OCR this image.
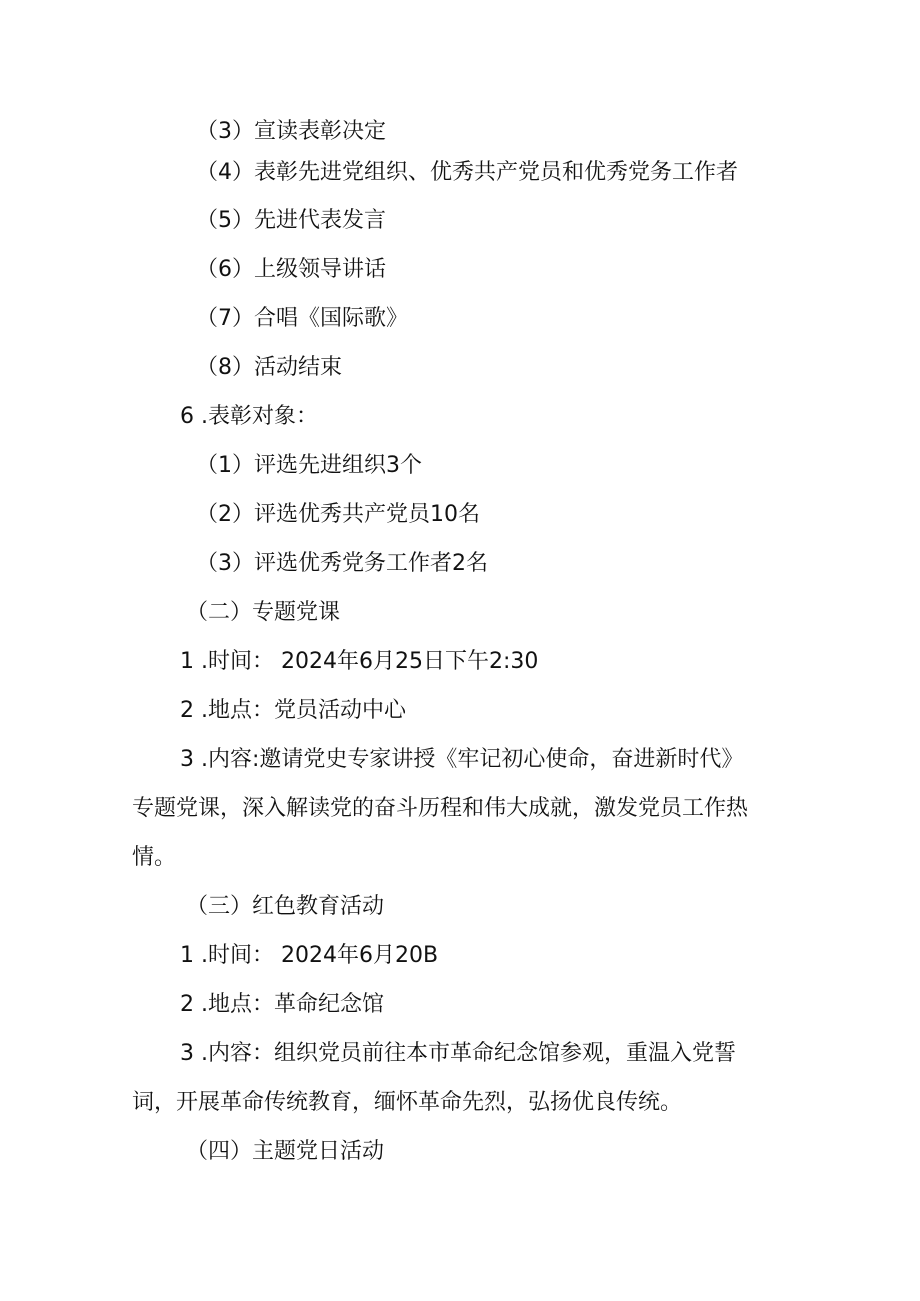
（3）宣读表彰决定
（4）表彰先进党组织、优秀共产党员和优秀党务工作者
（5）先进代表发言
（6）上级领导讲话
（7）合唱《国际歌》
（8）活动结束
6 .表彰对象：
（1）评选先进组织3个
（2）评选优秀共产党员10名
（3）评选优秀党务工作者2名
（二）专题党课
1 .时间： 2024年6月25日下午2:30
2 .地点：党员活动中心
3 .内容:邀请党史专家讲授《牢记初心使命，奋进新时代》
专题党课，深入解读党的奋斗历程和伟大成就，激发党员工作热
情。
（三）红色教育活动
1 .时间： 2024年6月20B
2 .地点：革命纪念馆
3 .内容：组织党员前往本市革命纪念馆参观，重温入党誓
词，开展革命传统教育，缅怀革命先烈，弘扬优良传统。
（四）主题党日活动
